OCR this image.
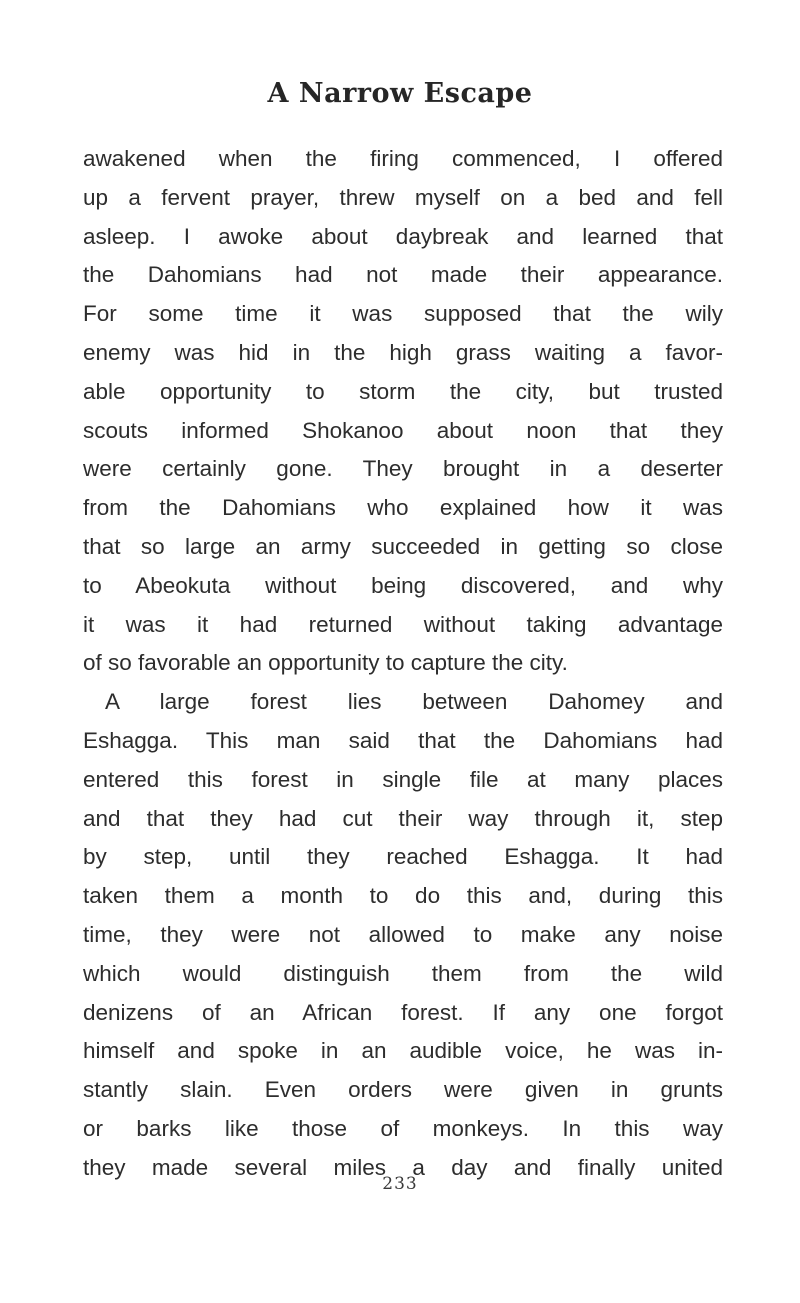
A Narrow Escape
awakened when the firing commenced, I offered
up a fervent prayer, threw myself on a bed and fell
asleep. I awoke about daybreak and learned that
the Dahomians had not made their appearance.
For some time it was supposed that the wily
enemy was hid in the high grass waiting a favor-
able opportunity to storm the city, but trusted
scouts informed Shokanoo about noon that they
were certainly gone. They brought in a deserter
from the Dahomians who explained how it was
that so large an army succeeded in getting so close
to Abeokuta without being discovered, and why
it was it had returned without taking advantage
of so favorable an opportunity to capture the city.
A large forest lies between Dahomey and
Eshagga. This man said that the Dahomians had
entered this forest in single file at many places
and that they had cut their way through it, step
by step, until they reached Eshagga. It had
taken them a month to do this and, during this
time, they were not allowed to make any noise
which would distinguish them from the wild
denizens of an African forest. If any one forgot
himself and spoke in an audible voice, he was in-
stantly slain. Even orders were given in grunts
or barks like those of monkeys. In this way
they made several miles a day and finally united
233
